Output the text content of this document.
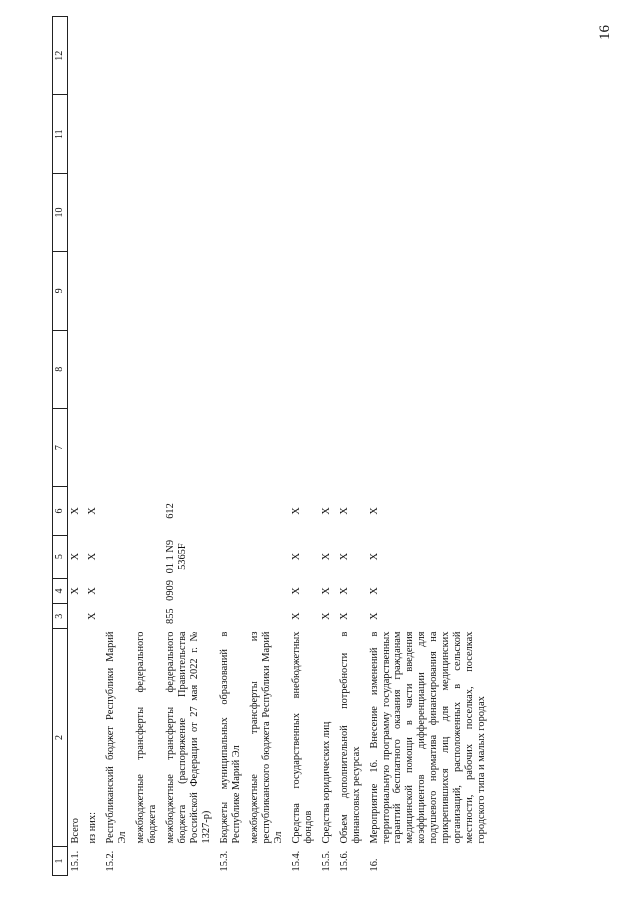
16
1	2	3	4	5	6	7	8	9	10	11	12
15.1.	Всего		X	X	X						
	из них:	X	X	X	X						
15.2.	Республиканский бюджет Республики Марий Эл										
	межбюджетные трансферты федерального бюджета										
	межбюджетные трансферты федерального бюджета (распоряжение Правительства Российской Федерации от 27 мая 2022 г. № 1327-р)	855	0909	01 1 N9 5365F	612						
15.3.	Бюджеты муниципальных образований в Республике Марий Эл										
	межбюджетные трансферты из республиканского бюджета Республики Марий Эл										
15.4.	Средства государственных внебюджетных фондов	X	X	X	X						
15.5.	Средства юридических лиц	X	X	X	X						
15.6.	Объем дополнительной потребности в финансовых ресурсах	X	X	X	X						
16.	Мероприятие 16. Внесение изменений в территориальную программу государственных гарантий бесплатного оказания гражданам медицинской помощи в части введения коэффициентов дифференциации для подушевого норматива финансирования на прикрепившихся лиц для медицинских организаций, расположенных в сельской местности, рабочих поселках, поселках городского типа и малых городах	X	X	X	X						
